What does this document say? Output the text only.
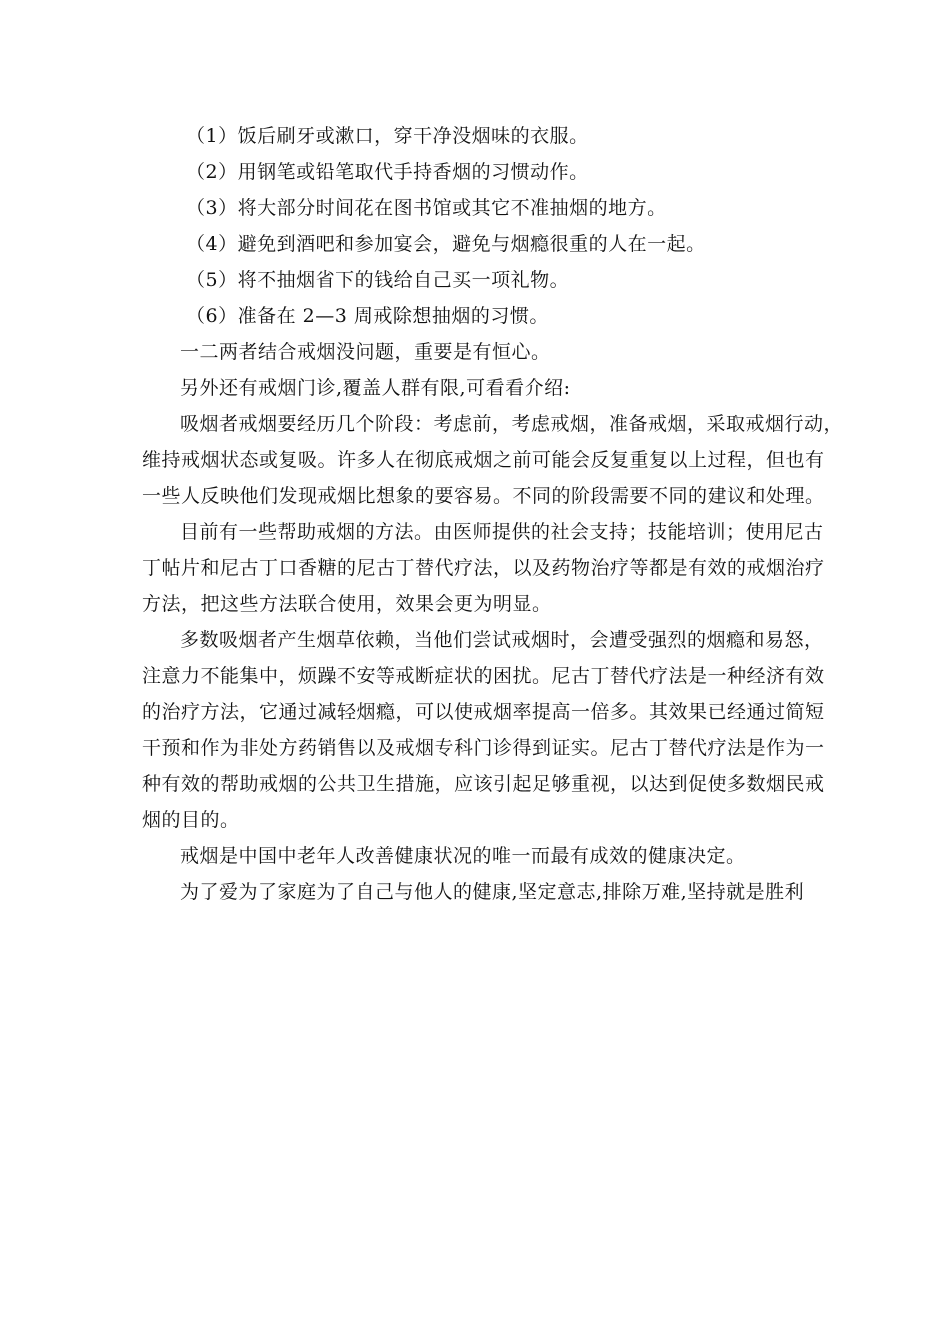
（1）饭后刷牙或漱口，穿干净没烟味的衣服。
（2）用钢笔或铅笔取代手持香烟的习惯动作。
（3）将大部分时间花在图书馆或其它不准抽烟的地方。
（4）避免到酒吧和参加宴会，避免与烟瘾很重的人在一起。
（5）将不抽烟省下的钱给自己买一项礼物。
（6）准备在 2—3 周戒除想抽烟的习惯。
一二两者结合戒烟没问题，重要是有恒心。
另外还有戒烟门诊,覆盖人群有限,可看看介绍:
吸烟者戒烟要经历几个阶段：考虑前，考虑戒烟，准备戒烟，采取戒烟行动，
维持戒烟状态或复吸。许多人在彻底戒烟之前可能会反复重复以上过程，但也有
一些人反映他们发现戒烟比想象的要容易。不同的阶段需要不同的建议和处理。
目前有一些帮助戒烟的方法。由医师提供的社会支持；技能培训；使用尼古
丁帖片和尼古丁口香糖的尼古丁替代疗法，以及药物治疗等都是有效的戒烟治疗
方法，把这些方法联合使用，效果会更为明显。
多数吸烟者产生烟草依赖，当他们尝试戒烟时，会遭受强烈的烟瘾和易怒，
注意力不能集中，烦躁不安等戒断症状的困扰。尼古丁替代疗法是一种经济有效
的治疗方法，它通过减轻烟瘾，可以使戒烟率提高一倍多。其效果已经通过简短
干预和作为非处方药销售以及戒烟专科门诊得到证实。尼古丁替代疗法是作为一
种有效的帮助戒烟的公共卫生措施，应该引起足够重视，以达到促使多数烟民戒
烟的目的。
戒烟是中国中老年人改善健康状况的唯一而最有成效的健康决定。
为了爱为了家庭为了自己与他人的健康,坚定意志,排除万难,坚持就是胜利
